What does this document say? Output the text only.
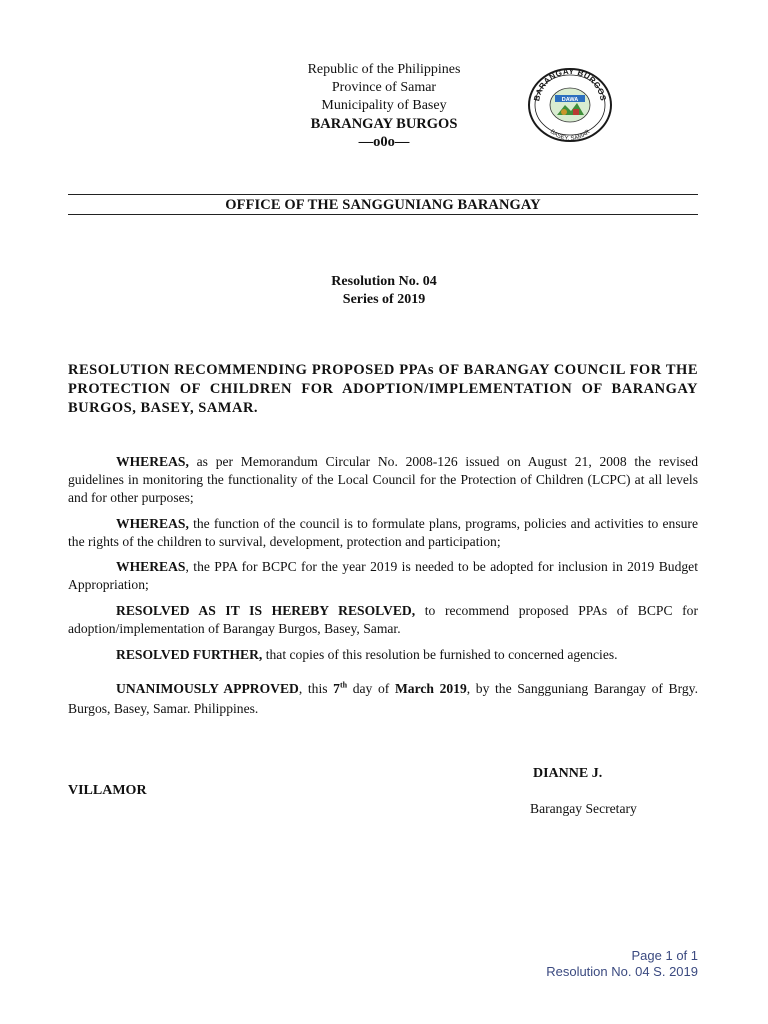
Republic of the Philippines
Province of Samar
Municipality of Basey
BARANGAY BURGOS
—o0o—
BARANGAY BURGOS
BASEY, SAMAR
DAWA
OFFICE OF THE SANGGUNIANG BARANGAY
Resolution No. 04
Series of 2019
RESOLUTION RECOMMENDING PROPOSED PPAs OF BARANGAY COUNCIL FOR THE PROTECTION OF CHILDREN FOR ADOPTION/IMPLEMENTATION OF BARANGAY BURGOS, BASEY, SAMAR.
WHEREAS, as per Memorandum Circular No. 2008-126 issued on August 21, 2008 the revised guidelines in monitoring the functionality of the Local Council for the Protection of Children (LCPC) at all levels and for other purposes;
WHEREAS, the function of the council is to formulate plans, programs, policies and activities to ensure the rights of the children to survival, development, protection and participation;
WHEREAS, the PPA for BCPC for the year 2019 is needed to be adopted for inclusion in 2019 Budget Appropriation;
RESOLVED AS IT IS HEREBY RESOLVED, to recommend proposed PPAs of BCPC for adoption/implementation of Barangay Burgos, Basey, Samar.
RESOLVED FURTHER, that copies of this resolution be furnished to concerned agencies.
UNANIMOUSLY APPROVED, this 7th day of March 2019, by the Sangguniang Barangay of Brgy. Burgos, Basey, Samar. Philippines.
DIANNE J.
VILLAMOR
Barangay Secretary
Page 1 of 1
Resolution No. 04 S. 2019
